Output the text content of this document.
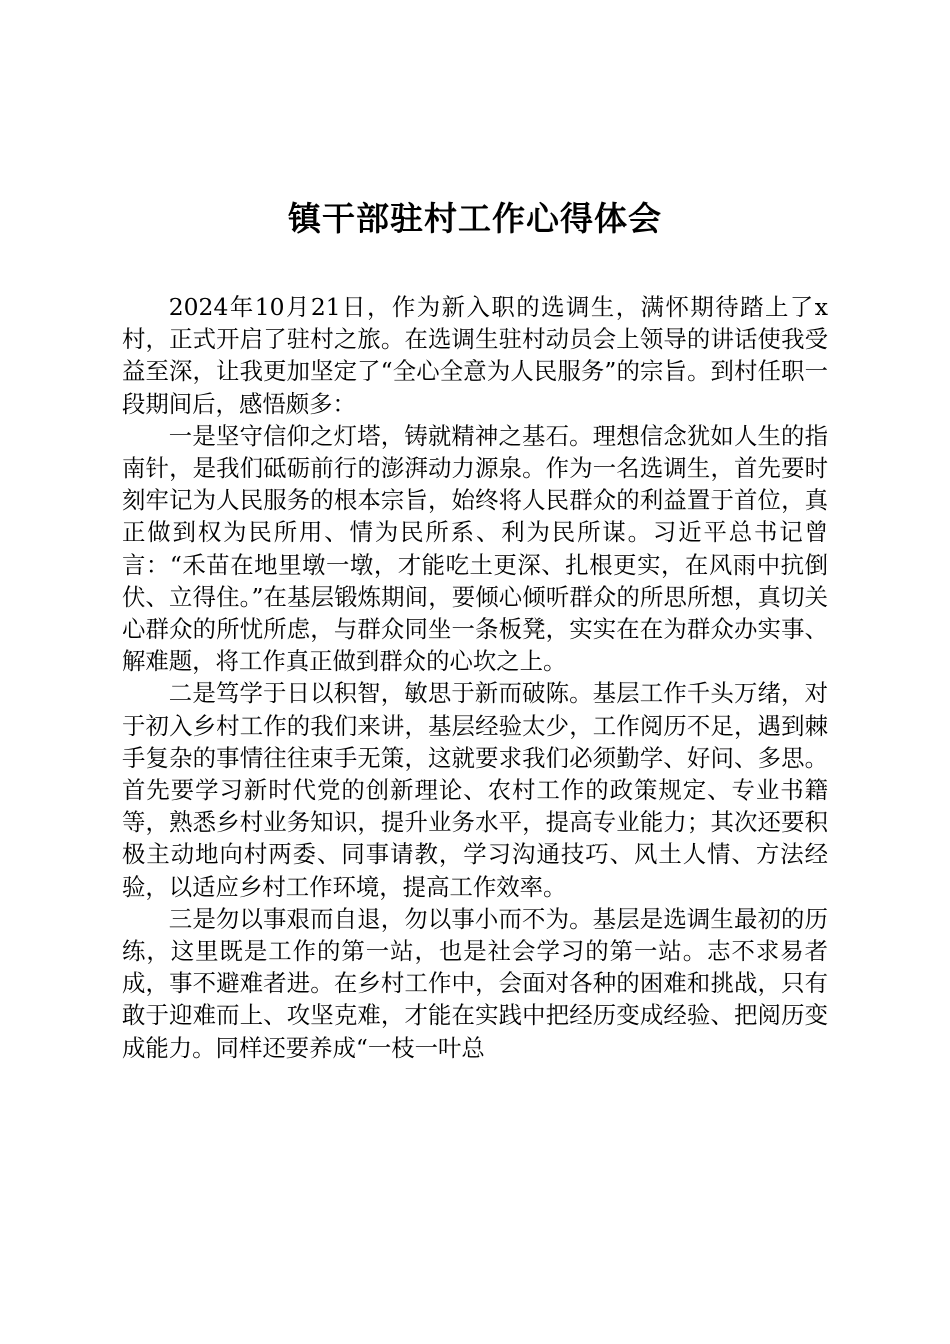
镇干部驻村工作心得体会

2024年10月21日，作为新入职的选调生，满怀期待踏上了x村，正式开启了驻村之旅。在选调生驻村动员会上领导的讲话使我受益至深，让我更加坚定了“全心全意为人民服务”的宗旨。到村任职一段期间后，感悟颇多：

一是坚守信仰之灯塔，铸就精神之基石。理想信念犹如人生的指南针，是我们砥砺前行的澎湃动力源泉。作为一名选调生，首先要时刻牢记为人民服务的根本宗旨，始终将人民群众的利益置于首位，真正做到权为民所用、情为民所系、利为民所谋。习近平总书记曾言：“禾苗在地里墩一墩，才能吃土更深、扎根更实，在风雨中抗倒伏、立得住。”在基层锻炼期间，要倾心倾听群众的所思所想，真切关心群众的所忧所虑，与群众同坐一条板凳，实实在在为群众办实事、解难题，将工作真正做到群众的心坎之上。

二是笃学于日以积智，敏思于新而破陈。基层工作千头万绪，对于初入乡村工作的我们来讲，基层经验太少，工作阅历不足，遇到棘手复杂的事情往往束手无策，这就要求我们必须勤学、好问、多思。首先要学习新时代党的创新理论、农村工作的政策规定、专业书籍等，熟悉乡村业务知识，提升业务水平，提高专业能力；其次还要积极主动地向村两委、同事请教，学习沟通技巧、风土人情、方法经验，以适应乡村工作环境，提高工作效率。

三是勿以事艰而自退，勿以事小而不为。基层是选调生最初的历练，这里既是工作的第一站，也是社会学习的第一站。志不求易者成，事不避难者进。在乡村工作中，会面对各种的困难和挑战，只有敢于迎难而上、攻坚克难，才能在实践中把经历变成经验、把阅历变成能力。同样还要养成“一枝一叶总
